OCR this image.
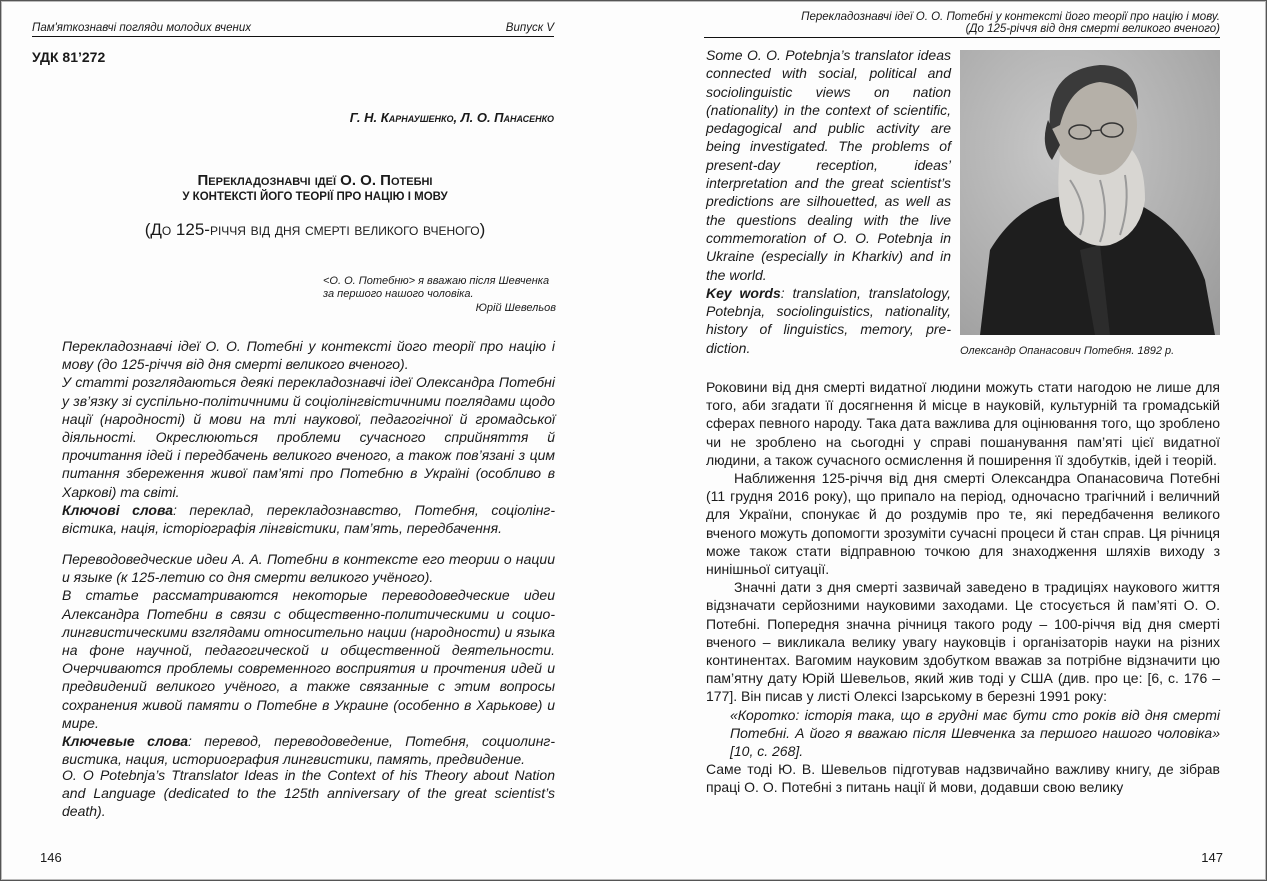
Пам'яткознавчі погляди молодих вчених	Випуск V
УДК 81’272
Г. Н. Карнаушенко, Л. О. Панасенко
Перекладознавчі ідеї О. О. Потебні
У КОНТЕКСТІ ЙОГО ТЕОРІЇ ПРО НАЦІЮ І МОВУ
(До 125-річчя від дня смерті великого вченого)
<О. О. Потебню> я вважаю після Шевченка за першого нашого чоловіка.
Юрій Шевельов

Перекладознавчі ідеї О. О. Потебні у контексті його теорії про націю і мову (до 125-річчя від дня смерті великого вченого).

У статті розглядаються деякі перекладознавчі ідеї Олександра Потебні у зв’язку зі суспільно-політичними й соціолінгвістичними поглядами щодо нації (народності) й мови на тлі наукової, педагогічної й громадської діяльності. Окреслюються проблеми сучасного сприйняття й прочитання ідей і передбачень великого вченого, а також пов’язані з цим питання збереження живої пам’яті про Потебню в Україні (особливо в Харкові) та світі.

Ключові слова: переклад, перекладознавство, Потебня, соціолінгвістика, нація, історіографія лінгвістики, пам’ять, передбачення.

Переводоведческие идеи А. А. Потебни в контексте его теории о нации и языке (к 125-летию со дня смерти великого учёного).

В статье рассматриваются некоторые переводоведческие идеи Александра Потебни в связи с общественно-политическими и социолингвистическими взглядами относительно нации (народности) и языка на фоне научной, педагогической и общественной деятельности. Очерчиваются проблемы современного восприятия и прочтения идей и предвидений великого учёного, а также связанные с этим вопросы сохранения живой памяти о Потебне в Украине (особенно в Харькове) и мире.

Ключевые слова: перевод, переводоведение, Потебня, социолингвистика, нация, историография лингвистики, память, предвидение.

O. O Potebnja’s Ttranslator Ideas in the Context of his Theory about Nation and Language (dedicated to the 125th anniversary of the great scientist’s death).

146
Перекладознавчі ідеї О. О. Потебні у контексті його теорії про націю і мову.
(До 125-річчя від дня смерті великого вченого)

Some O. O. Potebnja’s translator ideas connected with social, political and sociolinguistic views on nation (nationality) in the context of scientific, pedagogical and public activity are being investigated. The problems of present-day reception, ideas’ interpretation and the great scientist’s predictions are silhouetted, as well as the questions dealing with the live commemoration of O. O. Potebnja in Ukraine (especially in Kharkiv) and in the world.

Key words: translation, translatology, Potebnja, sociolinguistics, nationality, history of linguistics, memory, prediction.	Олександр Опанасович Потебня. 1892 р.

Роковини від дня смерті видатної людини можуть стати нагодою не лише для того, аби згадати її досягнення й місце в науковій, культурній та громадській сферах певного народу. Така дата важлива для оцінювання того, що зроблено чи не зроблено на сьогодні у справі пошанування пам’яті цієї видатної людини, а також сучасного осмислення й поширення її здобутків, ідей і теорій.

Наближення 125-річчя від дня смерті Олександра Опанасовича Потебні (11 грудня 2016 року), що припало на період, одночасно трагічний і величний для України, спонукає й до роздумів про те, які передбачення великого вченого можуть допомогти зрозуміти сучасні процеси й стан справ. Ця річниця може також стати відправною точкою для знаходження шляхів виходу з нинішньої ситуації.

Значні дати з дня смерті зазвичай заведено в традиціях наукового життя відзначати серйозними науковими заходами. Це стосується й пам’яті О. О. Потебні. Попередня значна річниця такого роду – 100-річчя від дня смерті вченого – викликала велику увагу науковців і організаторів науки на різних континентах. Вагомим науковим здобутком вважав за потрібне відзначити цю пам’ятну дату Юрій Шевельов, який жив тоді у США (див. про це: [6, с. 176 – 177]. Він писав у листі Олексі Ізарському в березні 1991 року:

«Коротко: історія така, що в грудні має бути сто років від дня смерті Потебні. А його я вважаю після Шевченка за першого нашого чоловіка» [10, с. 268].

Саме тоді Ю. В. Шевельов підготував надзвичайно важливу книгу, де зібрав праці О. О. Потебні з питань нації й мови, додавши свою велику

147
